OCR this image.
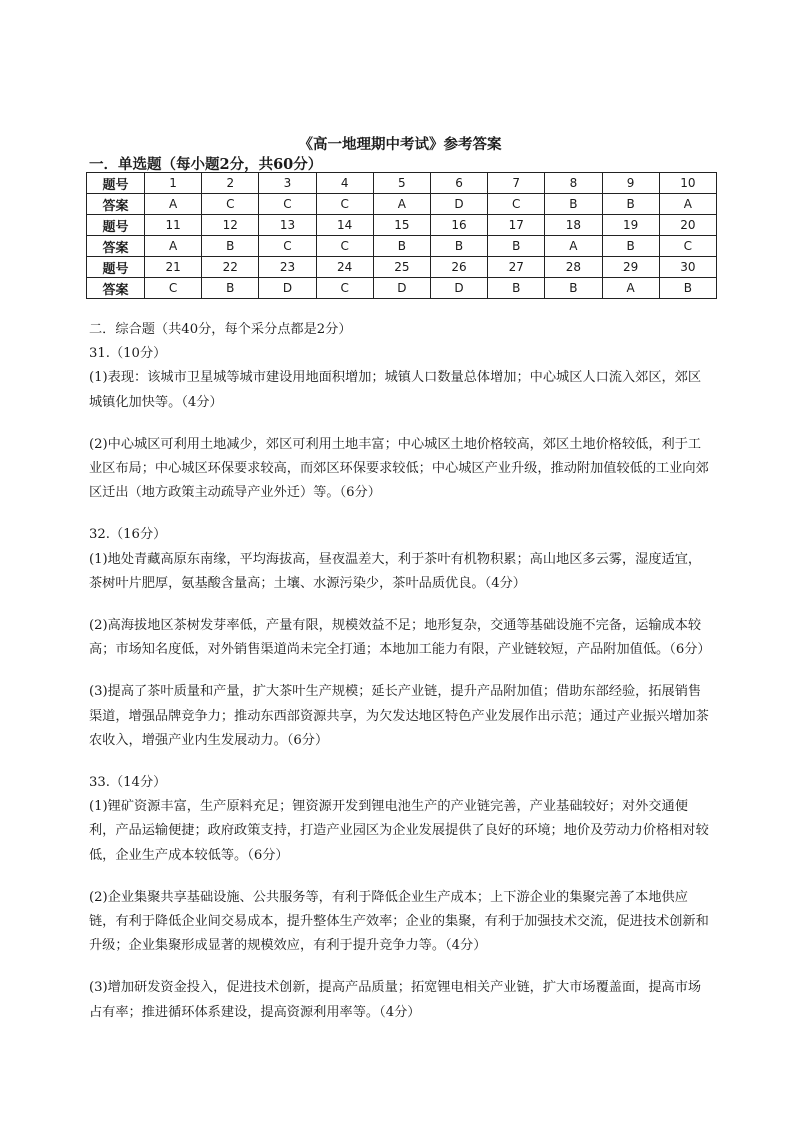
《高一地理期中考试》参考答案
一．单选题（每小题2分，共60分）
题号	1	2	3	4	5	6	7	8	9	10
答案	A	C	C	C	A	D	C	B	B	A
题号	11	12	13	14	15	16	17	18	19	20
答案	A	B	C	C	B	B	B	A	B	C
题号	21	22	23	24	25	26	27	28	29	30
答案	C	B	D	C	D	D	B	B	A	B

二．综合题（共40分，每个采分点都是2分）

31.（10分）

(1)表现：该城市卫星城等城市建设用地面积增加；城镇人口数量总体增加；中心城区人口流入郊区，郊区城镇化加快等。（4分）

(2)中心城区可利用土地减少，郊区可利用土地丰富；中心城区土地价格较高，郊区土地价格较低，利于工业区布局；中心城区环保要求较高，而郊区环保要求较低；中心城区产业升级，推动附加值较低的工业向郊区迁出（地方政策主动疏导产业外迁）等。（6分）

32.（16分）

(1)地处青藏高原东南缘，平均海拔高，昼夜温差大，利于茶叶有机物积累；高山地区多云雾，湿度适宜，茶树叶片肥厚，氨基酸含量高；土壤、水源污染少，茶叶品质优良。（4分）

(2)高海拔地区茶树发芽率低，产量有限，规模效益不足；地形复杂，交通等基础设施不完备，运输成本较高；市场知名度低，对外销售渠道尚未完全打通；本地加工能力有限，产业链较短，产品附加值低。（6分）

(3)提高了茶叶质量和产量，扩大茶叶生产规模；延长产业链，提升产品附加值；借助东部经验，拓展销售渠道，增强品牌竞争力；推动东西部资源共享，为欠发达地区特色产业发展作出示范；通过产业振兴增加茶农收入，增强产业内生发展动力。（6分）

33.（14分）

(1)锂矿资源丰富，生产原料充足；锂资源开发到锂电池生产的产业链完善，产业基础较好；对外交通便利，产品运输便捷；政府政策支持，打造产业园区为企业发展提供了良好的环境；地价及劳动力价格相对较低，企业生产成本较低等。（6分）

(2)企业集聚共享基础设施、公共服务等，有利于降低企业生产成本；上下游企业的集聚完善了本地供应链，有利于降低企业间交易成本，提升整体生产效率；企业的集聚，有利于加强技术交流，促进技术创新和升级；企业集聚形成显著的规模效应，有利于提升竞争力等。（4分）

(3)增加研发资金投入，促进技术创新，提高产品质量；拓宽锂电相关产业链，扩大市场覆盖面，提高市场占有率；推进循环体系建设，提高资源利用率等。（4分）
